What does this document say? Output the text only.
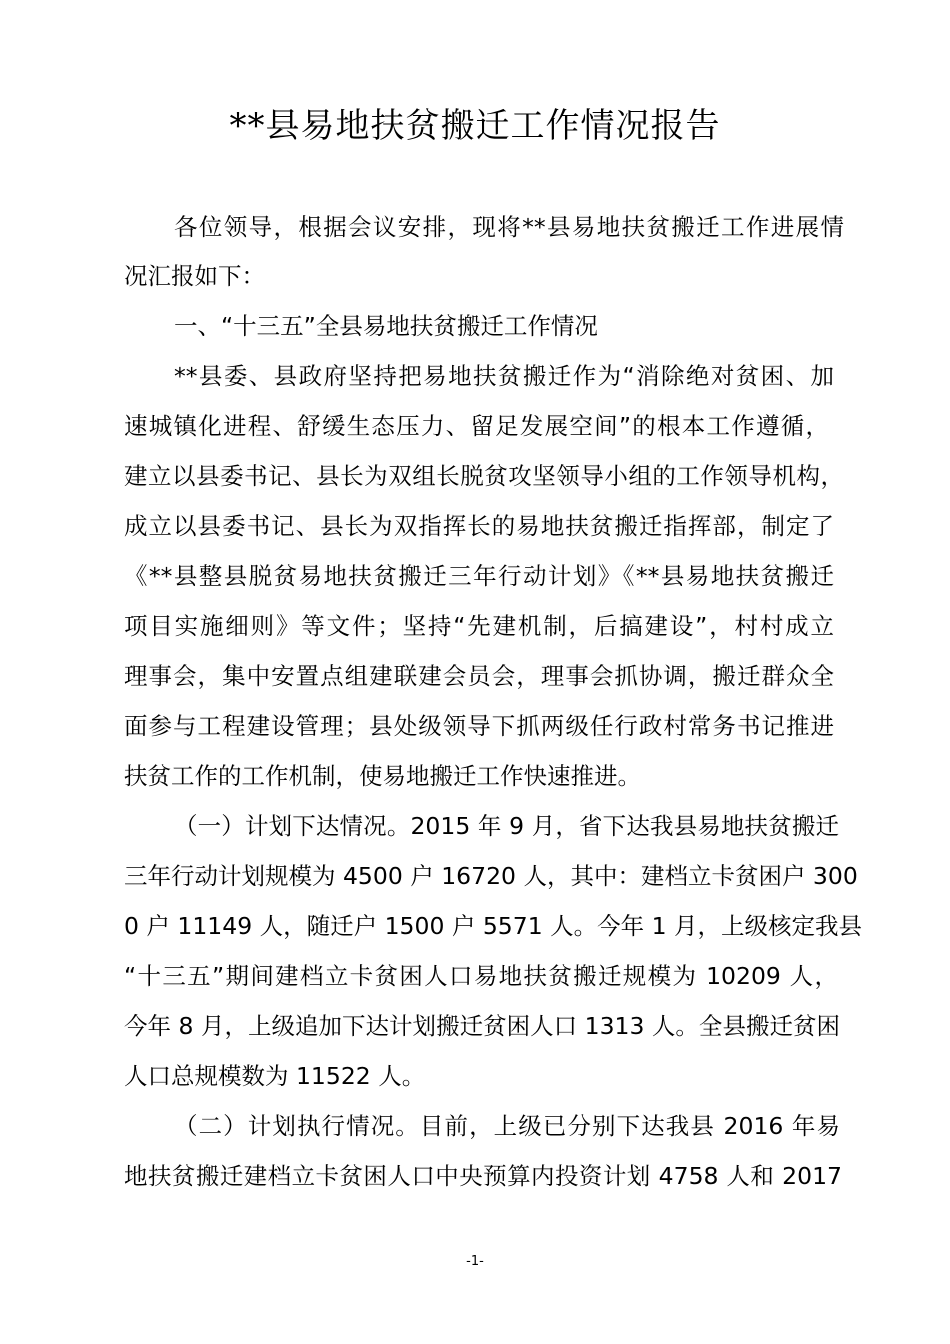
**县易地扶贫搬迁工作情况报告
各位领导，根据会议安排，现将**县易地扶贫搬迁工作进展情
况汇报如下：
一、“十三五”全县易地扶贫搬迁工作情况
**县委、县政府坚持把易地扶贫搬迁作为“消除绝对贫困、加
速城镇化进程、舒缓生态压力、留足发展空间”的根本工作遵循，
建立以县委书记、县长为双组长脱贫攻坚领导小组的工作领导机构，
成立以县委书记、县长为双指挥长的易地扶贫搬迁指挥部，制定了
《**县整县脱贫易地扶贫搬迁三年行动计划》《**县易地扶贫搬迁
项目实施细则》等文件；坚持“先建机制，后搞建设”，村村成立
理事会，集中安置点组建联建会员会，理事会抓协调，搬迁群众全
面参与工程建设管理；县处级领导下抓两级任行政村常务书记推进
扶贫工作的工作机制，使易地搬迁工作快速推进。
（一）计划下达情况。2015 年 9 月，省下达我县易地扶贫搬迁
三年行动计划规模为 4500 户 16720 人，其中：建档立卡贫困户 300
0 户 11149 人，随迁户 1500 户 5571 人。今年 1 月，上级核定我县
“十三五”期间建档立卡贫困人口易地扶贫搬迁规模为 10209 人，
今年 8 月，上级追加下达计划搬迁贫困人口 1313 人。全县搬迁贫困
人口总规模数为 11522 人。
（二）计划执行情况。目前，上级已分别下达我县 2016 年易
地扶贫搬迁建档立卡贫困人口中央预算内投资计划 4758 人和 2017
-1-
